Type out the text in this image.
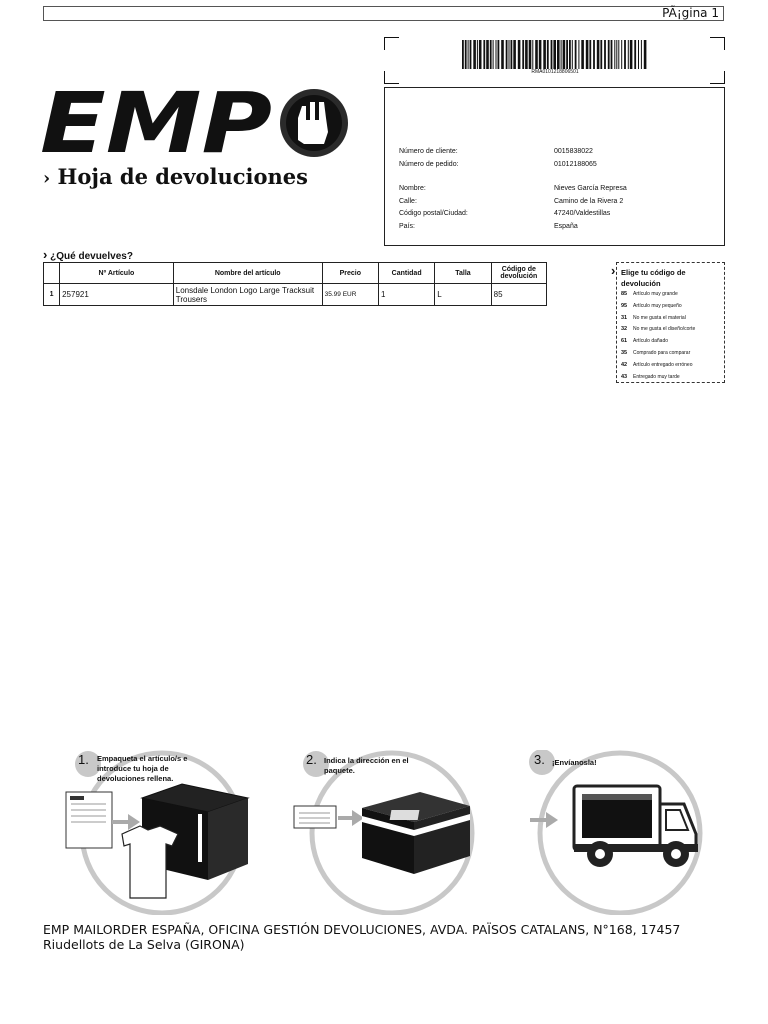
PÃ¡gina 1
RMA010121880650​1
EMP
› Hoja de devoluciones
Número de cliente:	0015838022
Número de pedido:	01012188065
Nombre:	Nieves García Represa
Calle:	Camino de la Rivera 2
Código postal/Ciudad:	47240/Valdestillas
País:	España
› ¿Qué devuelves?
	Nº Artículo	Nombre del artículo	Precio	Cantidad	Talla	Código de devolución
1	257921	Lonsdale London Logo Large Tracksuit Trousers	35.99 EUR	1	L	85
› Elige tu código de devolución
85 Artículo muy grande
95 Artículo muy pequeño
31 No me gusta el material
32 No me gusta el diseño/corte
61 Artículo dañado
35 Comprado para comparar
42 Artículo entregado erróneo
43 Entregado muy tarde
1. Empaqueta el artículo/s e introduce tu hoja de devoluciones rellena.
2. Indica la dirección en el paquete.
3. ¡Envíanosla!
EMP MAILORDER ESPAÑA, OFICINA GESTIÓN DEVOLUCIONES, AVDA. PAÏSOS CATALANS, N°168, 17457 Riudellots de La Selva (GIRONA)
